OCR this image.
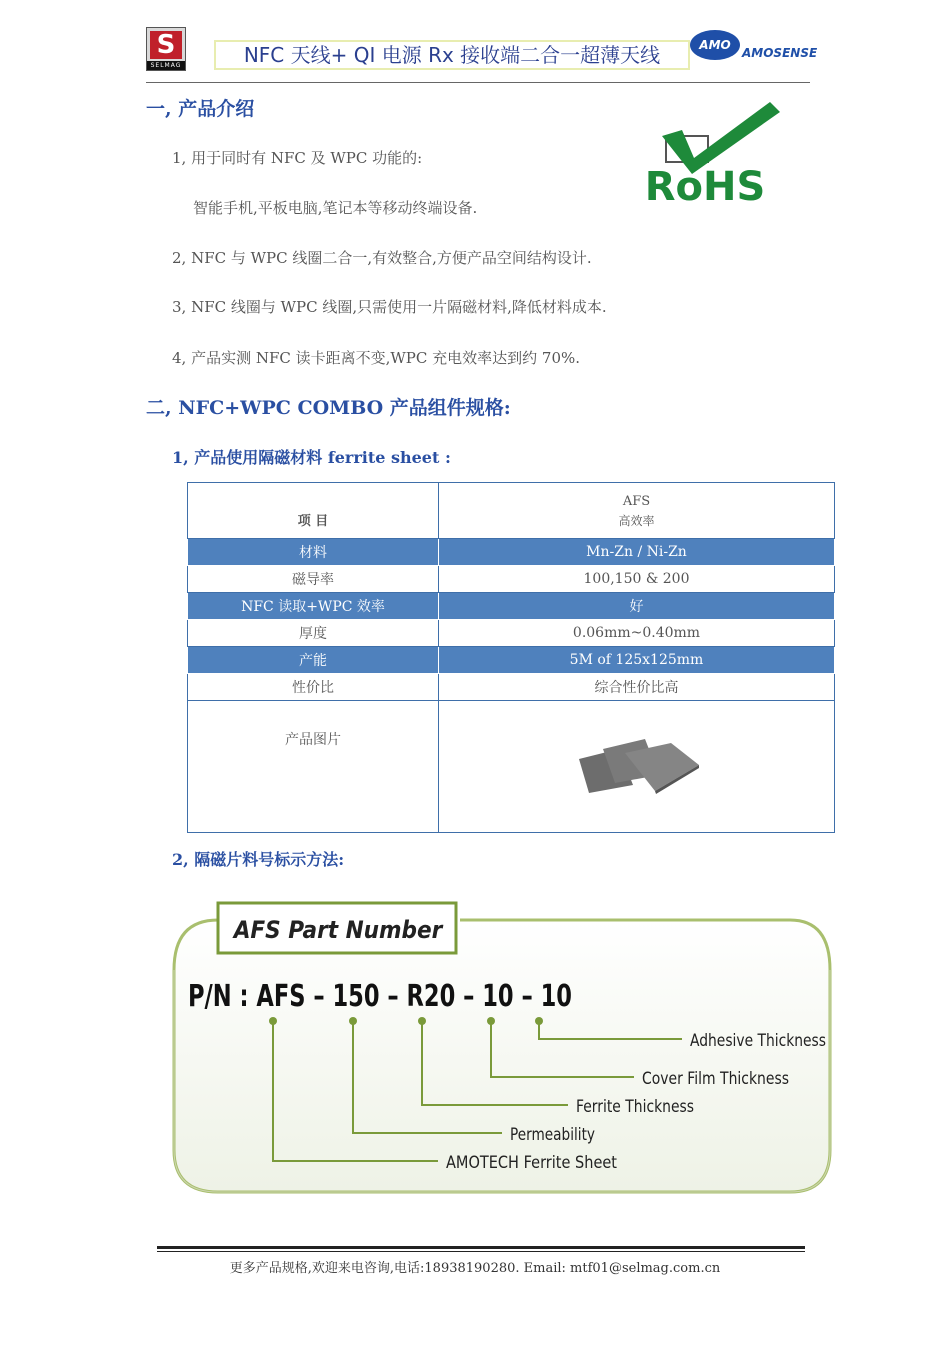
S
SELMAG	NFC 天线+ QI 电源 Rx 接收端二合一超薄天线	AMO
AMOSENSE
一, 产品介绍
1, 用于同时有 NFC 及 WPC 功能的:
智能手机,平板电脑,笔记本等移动终端设备.
2, NFC 与 WPC 线圈二合一,有效整合,方便产品空间结构设计.
3, NFC 线圈与 WPC 线圈,只需使用一片隔磁材料,降低材料成本.
4, 产品实测 NFC 读卡距离不变,WPC 充电效率达到约 70%.
RoHS
二, NFC+WPC COMBO 产品组件规格:
1, 产品使用隔磁材料 ferrite sheet :
项 目	AFS
高效率

材料	Mn-Zn / Ni-Zn
磁导率	100,150 & 200
NFC 读取+WPC 效率	好
厚度	0.06mm~0.40mm
产能	5M of 125x125mm
性价比	综合性价比高
产品图片	
2, 隔磁片料号标示方法:
AFS Part Number
P/N : AFS – 150 – R20 – 10 – 10
Adhesive Thickness
Cover Film Thickness
Ferrite Thickness
Permeability
AMOTECH Ferrite Sheet
更多产品规格,欢迎来电咨询,电话:18938190280. Email: mtf01@selmag.com.cn
